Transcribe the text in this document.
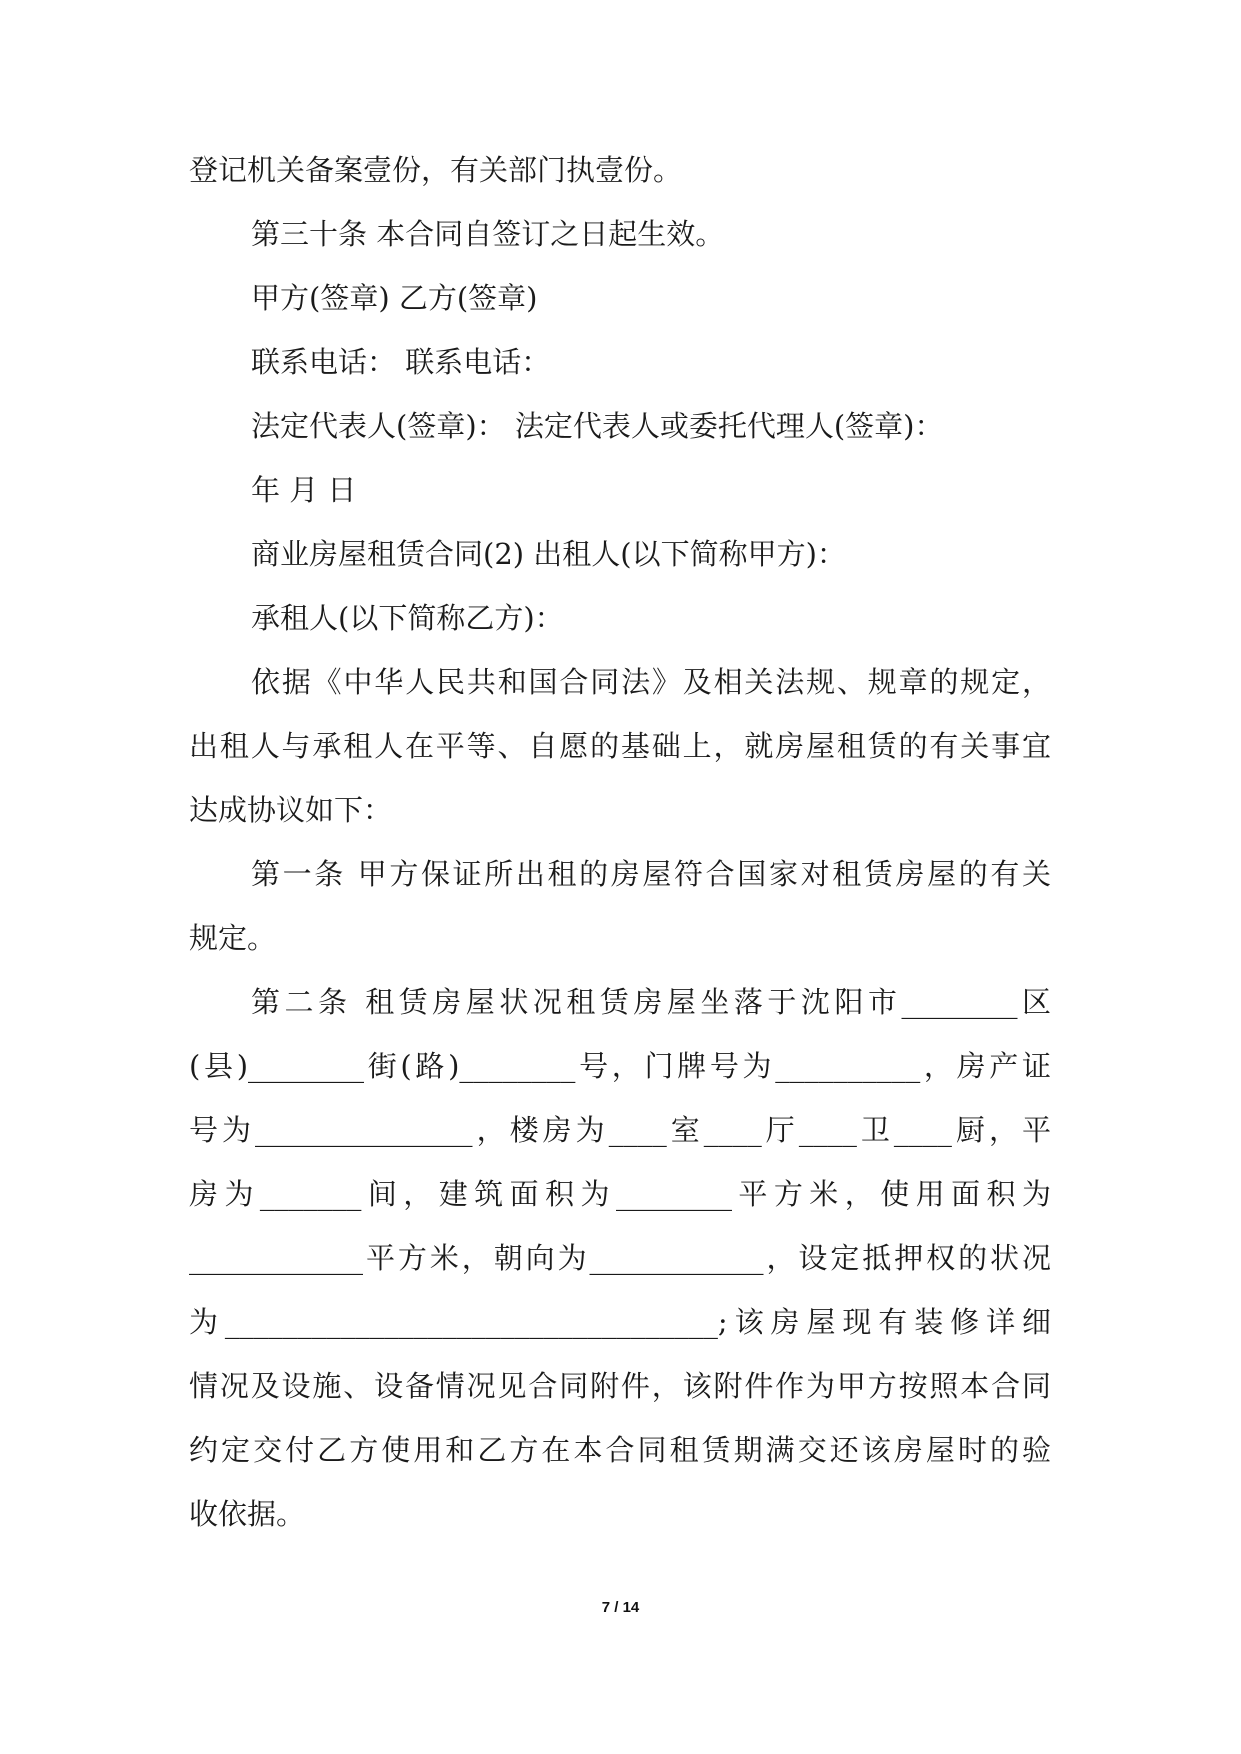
登记机关备案壹份，有关部门执壹份。
第三十条 本合同自签订之日起生效。
甲方(签章) 乙方(签章)
联系电话： 联系电话：
法定代表人(签章)： 法定代表人或委托代理人(签章)：
年 月 日
商业房屋租赁合同(2) 出租人(以下简称甲方)：
承租人(以下简称乙方)：
依据《中华人民共和国合同法》及相关法规、规章的规定，
出租人与承租人在平等、自愿的基础上，就房屋租赁的有关事宜
达成协议如下：
第一条 甲方保证所出租的房屋符合国家对租赁房屋的有关
规定。
第二条 租赁房屋状况租赁房屋坐落于沈阳市________区
(县)________街(路)________号，门牌号为__________，房产证
号为_______________，楼房为____室____厅____卫____厨，平
房为_______间，建筑面积为________平方米，使用面积为
____________平方米，朝向为____________，设定抵押权的状况
为__________________________________;该房屋现有装修详细
情况及设施、设备情况见合同附件，该附件作为甲方按照本合同
约定交付乙方使用和乙方在本合同租赁期满交还该房屋时的验
收依据。
7 / 14
